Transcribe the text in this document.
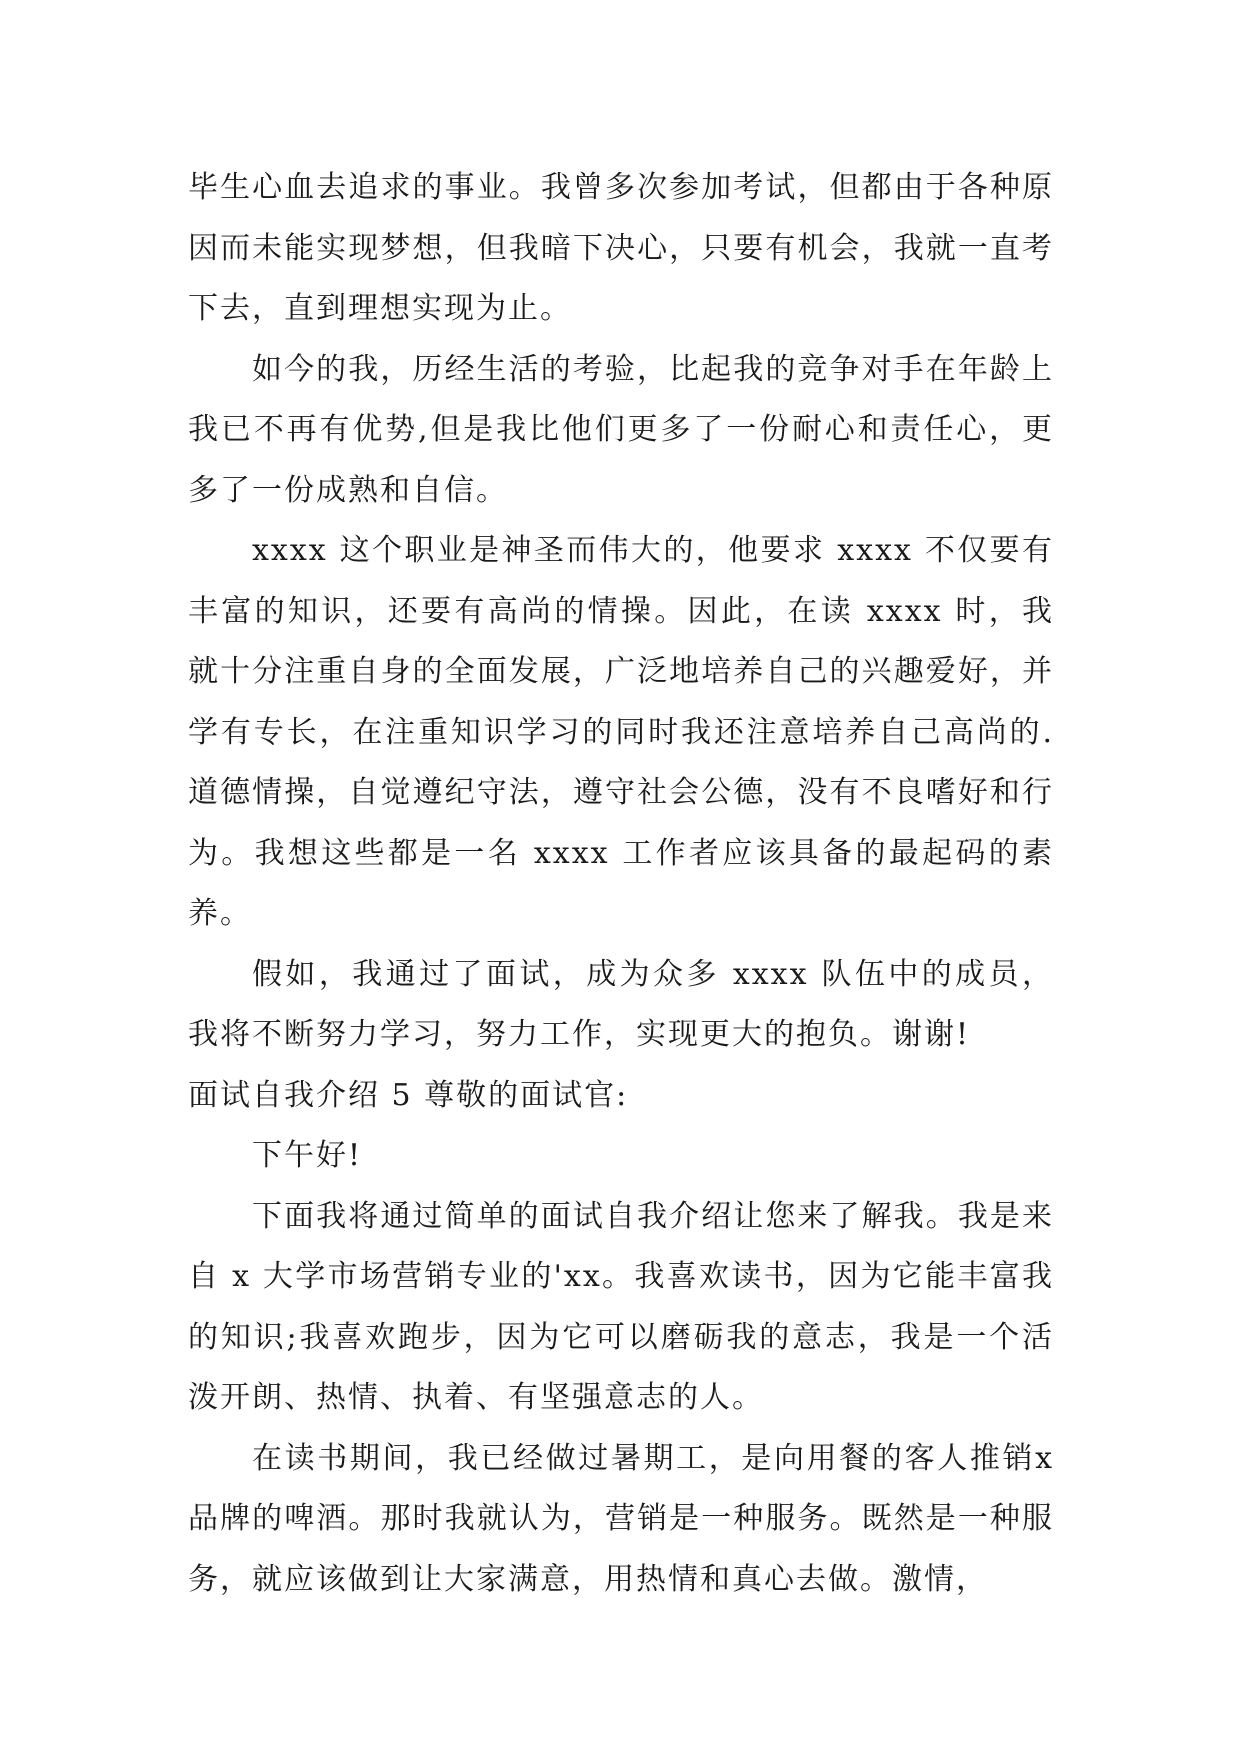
毕生心血去追求的事业。我曾多次参加考试，但都由于各种原因而未能实现梦想，但我暗下决心，只要有机会，我就一直考下去，直到理想实现为止。

如今的我，历经生活的考验，比起我的竞争对手在年龄上我已不再有优势,但是我比他们更多了一份耐心和责任心，更多了一份成熟和自信。

xxxx 这个职业是神圣而伟大的，他要求 xxxx 不仅要有丰富的知识，还要有高尚的情操。因此，在读 xxxx 时，我就十分注重自身的全面发展，广泛地培养自己的兴趣爱好，并学有专长，在注重知识学习的同时我还注意培养自己高尚的.道德情操，自觉遵纪守法，遵守社会公德，没有不良嗜好和行为。我想这些都是一名 xxxx 工作者应该具备的最起码的素养。

假如，我通过了面试，成为众多 xxxx 队伍中的成员，我将不断努力学习，努力工作，实现更大的抱负。谢谢!

面试自我介绍 5 尊敬的面试官:

下午好!

下面我将通过简单的面试自我介绍让您来了解我。我是来自 x 大学市场营销专业的'xx。我喜欢读书，因为它能丰富我的知识;我喜欢跑步，因为它可以磨砺我的意志，我是一个活泼开朗、热情、执着、有坚强意志的人。

在读书期间，我已经做过暑期工，是向用餐的客人推销x 品牌的啤酒。那时我就认为，营销是一种服务。既然是一种服务，就应该做到让大家满意，用热情和真心去做。激情，
